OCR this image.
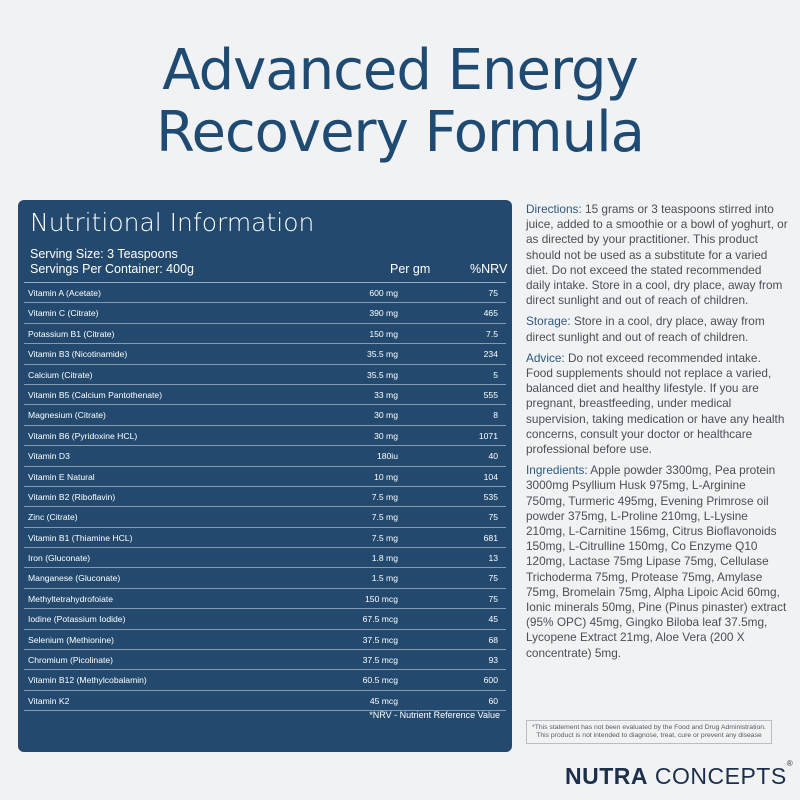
Advanced Energy
Recovery Formula
Nutritional Information
Serving Size: 3 Teaspoons
Servings Per Container: 400g	Per gm	%NRV
Vitamin A (Acetate)	600 mg	75
Vitamin C (Citrate)	390 mg	465
Potassium B1 (Citrate)	150 mg	7.5
Vitamin B3 (Nicotinamide)	35.5 mg	234
Calcium (Citrate)	35.5 mg	5
Vitamin B5 (Calcium Pantothenate)	33 mg	555
Magnesium (Citrate)	30 mg	8
Vitamin B6 (Pyridoxine HCL)	30 mg	1071
Vitamin D3	180iu	40
Vitamin E Natural	10 mg	104
Vitamin B2 (Riboflavin)	7.5 mg	535
Zinc (Citrate)	7.5 mg	75
Vitamin B1 (Thiamine HCL)	7.5 mg	681
Iron (Gluconate)	1.8 mg	13
Manganese (Gluconate)	1.5 mg	75
Methyltetrahydrofoiate	150 mcg	75
Iodine (Potassium Iodide)	67.5 mcg	45
Selenium (Methionine)	37.5 mcg	68
Chromium (Picolinate)	37.5 mcg	93
Vitamin B12 (Methylcobalamin)	60.5 mcg	600
Vitamin K2	45 mcg	60
*NRV - Nutrient Reference Value

Directions: 15 grams or 3 teaspoons stirred into juice, added to a smoothie or a bowl of yoghurt, or as directed by your practitioner. This product should not be used as a substitute for a varied diet. Do not exceed the stated recommended daily intake. Store in a cool, dry place, away from direct sunlight and out of reach of children.

Storage: Store in a cool, dry place, away from direct sunlight and out of reach of children.

Advice: Do not exceed recommended intake. Food supplements should not replace a varied, balanced diet and healthy lifestyle. If you are pregnant, breastfeeding, under medical supervision, taking medication or have any health concerns, consult your doctor or healthcare professional before use.

Ingredients: Apple powder 3300mg, Pea protein 3000mg Psyllium Husk 975mg, L-Arginine 750mg, Turmeric 495mg, Evening Primrose oil powder 375mg, L-Proline 210mg, L-Lysine 210mg, L-Carnitine 156mg, Citrus Bioflavonoids 150mg, L-Citrulline 150mg, Co Enzyme Q10 120mg, Lactase 75mg Lipase 75mg, Cellulase Trichoderma 75mg, Protease 75mg, Amylase 75mg, Bromelain 75mg, Alpha Lipoic Acid 60mg, Ionic minerals 50mg, Pine (Pinus pinaster) extract (95% OPC) 45mg, Gingko Biloba leaf 37.5mg, Lycopene Extract 21mg, Aloe Vera (200 X concentrate) 5mg.

*This statement has not been evaluated by the Food and Drug Administration. This product is not intended to diagnose, treat, cure or prevent any disease
NUTRA CONCEPTS®
